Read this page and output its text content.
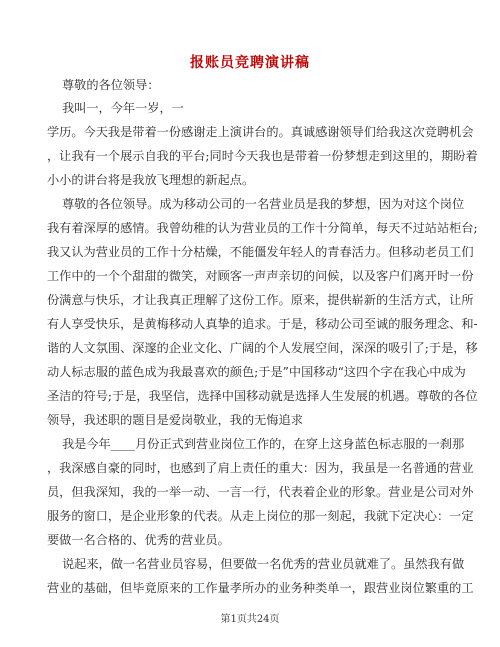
报账员竞聘演讲稿
尊敬的各位领导：
我叫一，今年一岁，一
学历。今天我是带着一份感谢走上演讲台的。真诚感谢领导们给我这次竞聘机会
，让我有一个展示自我的平台;同时今天我也是带着一份梦想走到这里的，期盼着
小小的讲台将是我放飞理想的新起点。
尊敬的各位领导。成为移动公司的一名营业员是我的梦想，因为对这个岗位
我有着深厚的感情。我曾幼稚的认为营业员的工作十分简单，每天不过站站柜台;
我又认为营业员的工作十分枯燥，不能僵发年轻人的青春活力。但移动老员工们
工作中的一个个甜甜的微笑，对顾客一声声亲切的问候，以及客户们离开时一份
份满意与快乐，才让我真正理解了这份工作。原来，提供崭新的生活方式，让所
有人享受快乐，是黄梅移动人真挚的追求。于是，移动公司至诚的服务理念、和-
谐的人文氛围、深邃的企业文化、广阔的个人发展空间，深深的吸引了;于是，移
动人标志服的蓝色成为我最喜欢的颜色;于是”中国移动“这四个字在我心中成为
圣洁的符号;于是，我坚信，选择中国移动就是选择人生发展的机遇。尊敬的各位
领导，我述职的题目是爱岗敬业，我的无悔追求
我是今年____月份正式到营业岗位工作的，在穿上这身蓝色标志服的一刹那
，我深感自豪的同时，也感到了肩上责任的重大：因为，我虽是一名普通的营业
员，但我深知，我的一举一动、一言一行，代表着企业的形象。营业是公司对外
服务的窗口，是企业形象的代表。从走上岗位的那一刻起，我就下定决心：一定
要做一名合格的、优秀的营业员。
说起来，做一名营业员容易，但要做一名优秀的营业员就难了。虽然我有做
营业的基础，但毕竟原来的工作量孝所办的业务种类单一，跟营业岗位繁重的工
第1页共24页
